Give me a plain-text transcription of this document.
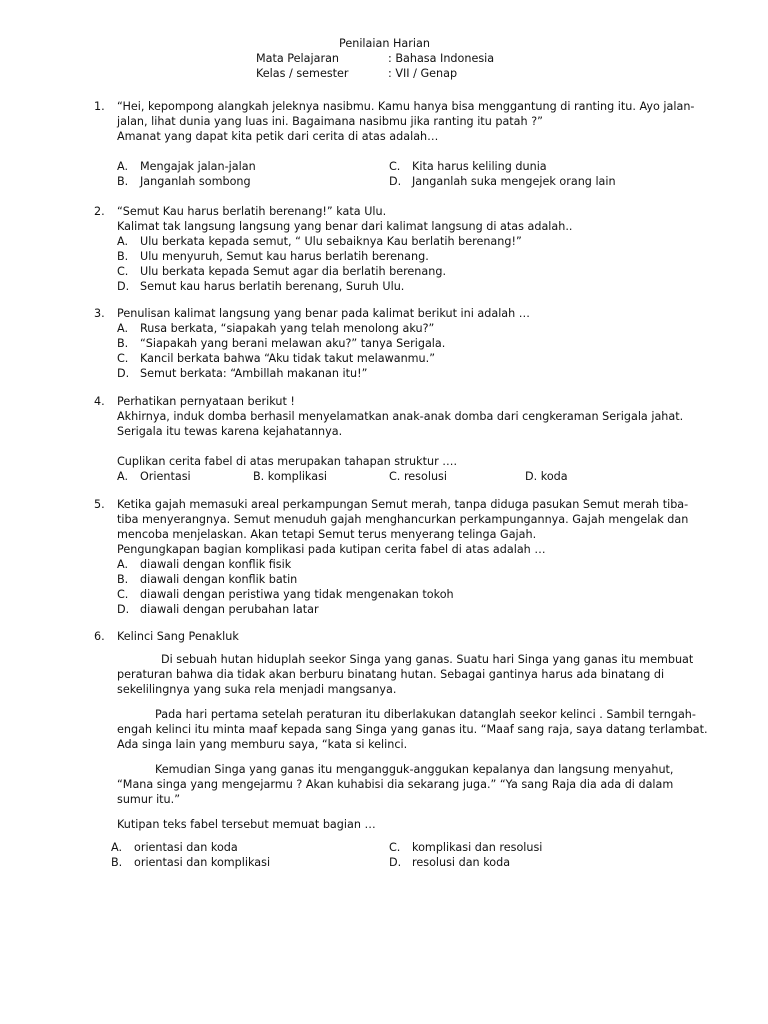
Penilaian Harian
Mata Pelajaran	: Bahasa Indonesia
Kelas / semester	: VII / Genap
1. “Hei, kepompong alangkah jeleknya nasibmu. Kamu hanya bisa menggantung di ranting itu. Ayo jalan-
jalan, lihat dunia yang luas ini. Bagaimana nasibmu jika ranting itu patah ?”
Amanat yang dapat kita petik dari cerita di atas adalah…
A.	Mengajak jalan-jalan	C.	Kita harus keliling dunia
B.	Janganlah sombong	D. Janganlah suka mengejek orang lain
2. “Semut Kau harus berlatih berenang!” kata Ulu.
Kalimat tak langsung langsung yang benar dari kalimat langsung di atas adalah..
A.	Ulu berkata kepada semut, “ Ulu sebaiknya Kau berlatih berenang!”
B.	Ulu menyuruh, Semut kau harus berlatih berenang.
C.	Ulu berkata kepada Semut agar dia berlatih berenang.
D. Semut kau harus berlatih berenang, Suruh Ulu.
3. Penulisan kalimat langsung yang benar pada kalimat berikut ini adalah …
A.	Rusa berkata, “siapakah yang telah menolong aku?”
B.	“Siapakah yang berani melawan aku?” tanya Serigala.
C.	Kancil berkata bahwa “Aku tidak takut melawanmu.”
D. Semut berkata: “Ambillah makanan itu!”
4. Perhatikan pernyataan berikut !
Akhirnya, induk domba berhasil menyelamatkan anak-anak domba dari cengkeraman Serigala jahat.
Serigala itu tewas karena kejahatannya.
Cuplikan cerita fabel di atas merupakan tahapan struktur ….
A.	Orientasi	B.
komplikasi	C.
resolusi	D.
koda
5. Ketika gajah memasuki areal perkampungan Semut merah, tanpa diduga pasukan Semut merah tiba-
tiba menyerangnya. Semut menuduh gajah menghancurkan perkampungannya. Gajah mengelak dan
mencoba menjelaskan. Akan tetapi Semut terus menyerang telinga Gajah.
Pengungkapan bagian komplikasi pada kutipan cerita fabel di atas adalah …
A.	diawali dengan konflik fisik
B.	diawali dengan konflik batin
C.	diawali dengan peristiwa yang tidak mengenakan tokoh
D. diawali dengan perubahan latar
6. Kelinci Sang Penakluk
Di sebuah hutan hiduplah seekor Singa yang ganas. Suatu hari Singa yang ganas itu membuat
peraturan bahwa dia tidak akan berburu binatang hutan. Sebagai gantinya harus ada binatang di
sekelilingnya yang suka rela menjadi mangsanya.
Pada hari pertama setelah peraturan itu diberlakukan datanglah seekor kelinci . Sambil terngah-
engah kelinci itu minta maaf kepada sang Singa yang ganas itu. “Maaf sang raja, saya datang terlambat.
Ada singa lain yang memburu saya, “kata si kelinci.
Kemudian Singa yang ganas itu mengangguk-anggukan kepalanya dan langsung menyahut,
“Mana singa yang mengejarmu ? Akan kuhabisi dia sekarang juga.” “Ya sang Raja dia ada di dalam
sumur itu.”
Kutipan teks fabel tersebut memuat bagian …
A.	orientasi dan koda	C.	komplikasi dan resolusi
B.	orientasi dan komplikasi	D. resolusi dan koda
